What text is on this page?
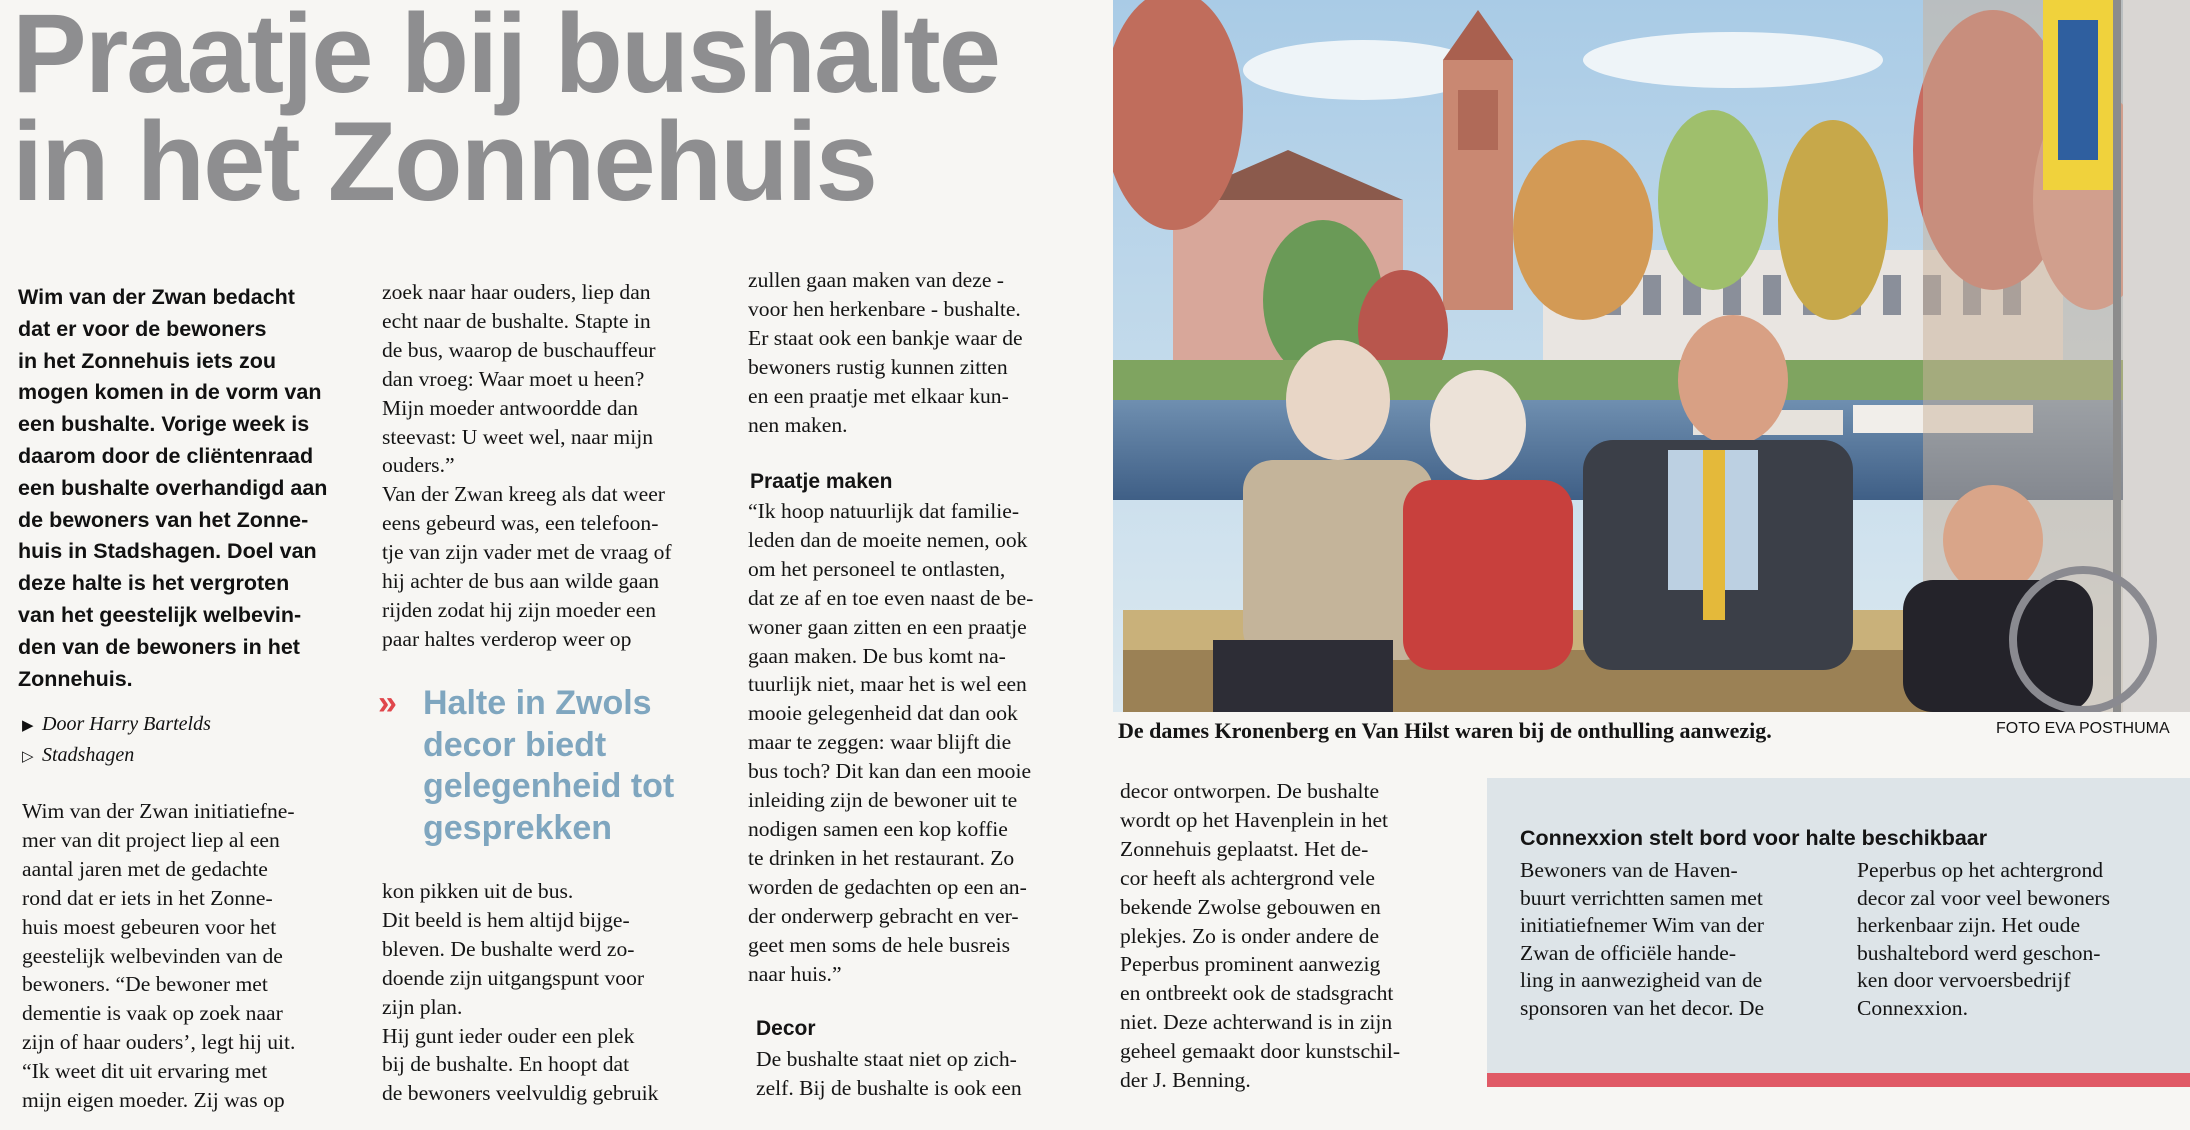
Praatje bij bushalte
in het Zonnehuis
Wim van der Zwan bedacht
dat er voor de bewoners
in het Zonnehuis iets zou
mogen komen in de vorm van
een bushalte. Vorige week is
daarom door de cliëntenraad
een bushalte overhandigd aan
de bewoners van het Zonne-
huis in Stadshagen. Doel van
deze halte is het vergroten
van het geestelijk welbevin-
den van de bewoners in het
Zonnehuis.
▶ Door Harry Bartelds
▷ Stadshagen
Wim van der Zwan initiatiefne-
mer van dit project liep al een
aantal jaren met de gedachte
rond dat er iets in het Zonne-
huis moest gebeuren voor het
geestelijk welbevinden van de
bewoners. “De bewoner met
dementie is vaak op zoek naar
zijn of haar ouders’, legt hij uit.
“Ik weet dit uit ervaring met
mijn eigen moeder. Zij was op
zoek naar haar ouders, liep dan
echt naar de bushalte. Stapte in
de bus, waarop de buschauffeur
dan vroeg: Waar moet u heen?
Mijn moeder antwoordde dan
steevast: U weet wel, naar mijn
ouders.”
Van der Zwan kreeg als dat weer
eens gebeurd was, een telefoon-
tje van zijn vader met de vraag of
hij achter de bus aan wilde gaan
rijden zodat hij zijn moeder een
paar haltes verderop weer op
» Halte in Zwols
decor biedt
gelegenheid tot
gesprekken
kon pikken uit de bus.
Dit beeld is hem altijd bijge-
bleven. De bushalte werd zo-
doende zijn uitgangspunt voor
zijn plan.
Hij gunt ieder ouder een plek
bij de bushalte. En hoopt dat
de bewoners veelvuldig gebruik
zullen gaan maken van deze -
voor hen herkenbare - bushalte.
Er staat ook een bankje waar de
bewoners rustig kunnen zitten
en een praatje met elkaar kun-
nen maken.
Praatje maken
“Ik hoop natuurlijk dat familie-
leden dan de moeite nemen, ook
om het personeel te ontlasten,
dat ze af en toe even naast de be-
woner gaan zitten en een praatje
gaan maken. De bus komt na-
tuurlijk niet, maar het is wel een
mooie gelegenheid dat dan ook
maar te zeggen: waar blijft die
bus toch? Dit kan dan een mooie
inleiding zijn de bewoner uit te
nodigen samen een kop koffie
te drinken in het restaurant. Zo
worden de gedachten op een an-
der onderwerp gebracht en ver-
geet men soms de hele busreis
naar huis.”
Decor
De bushalte staat niet op zich-
zelf. Bij de bushalte is ook een
decor ontworpen. De bushalte
wordt op het Havenplein in het
Zonnehuis geplaatst. Het de-
cor heeft als achtergrond vele
bekende Zwolse gebouwen en
plekjes. Zo is onder andere de
Peperbus prominent aanwezig
en ontbreekt ook de stadsgracht
niet. Deze achterwand is in zijn
geheel gemaakt door kunstschil-
der J. Benning.
De dames Kronenberg en Van Hilst waren bij de onthulling aanwezig.	FOTO EVA POSTHUMA
Connexxion stelt bord voor halte beschikbaar
Bewoners van de Haven-
buurt verrichtten samen met
initiatiefnemer Wim van der
Zwan de officiële hande-
ling in aanwezigheid van de
sponsoren van het decor. De
Peperbus op het achtergrond
decor zal voor veel bewoners
herkenbaar zijn. Het oude
bushaltebord werd geschon-
ken door vervoersbedrijf
Connexxion.
